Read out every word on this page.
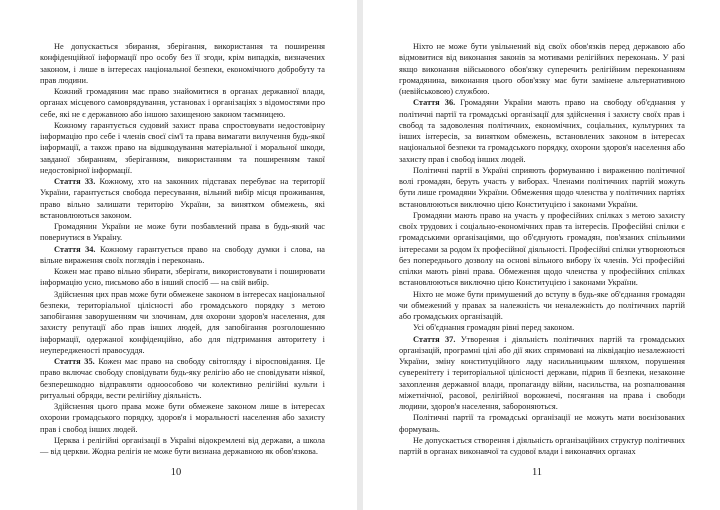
Не допускається збирання, зберігання, використання та поширення конфіденційної інформації про особу без її згоди, крім випадків, визначених законом, і лише в інтересах національної безпеки, економічного добробуту та прав людини.

Кожний громадянин має право знайомитися в органах державної влади, органах місцевого самоврядування, установах і організаціях з відомостями про себе, які не є державною або іншою захищеною законом таємницею.

Кожному гарантується судовий захист права спростовувати недостовірну інформацію про себе і членів своєї сім'ї та права вимагати вилучення будь-якої інформації, а також право на відшкодування матеріальної і моральної шкоди, завданої збиранням, зберіганням, використанням та поширенням такої недостовірної інформації.

Стаття 33. Кожному, хто на законних підставах перебуває на території України, гарантується свобода пересування, вільний вибір місця проживання, право вільно залишати територію України, за винятком обмежень, які встановлюються законом.

Громадянин України не може бути позбавлений права в будь-який час повернутися в Україну.

Стаття 34. Кожному гарантується право на свободу думки і слова, на вільне вираження своїх поглядів і переконань.

Кожен має право вільно збирати, зберігати, використовувати і поширювати інформацію усно, письмово або в інший спосіб — на свій вибір.

Здійснення цих прав може бути обмежене законом в інтересах національної безпеки, територіальної цілісності або громадського порядку з метою запобігання заворушенням чи злочинам, для охорони здоров'я населення, для захисту репутації або прав інших людей, для запобігання розголошенню інформації, одержаної конфіденційно, або для підтримання авторитету і неупередженості правосуддя.

Стаття 35. Кожен має право на свободу світогляду і віросповідання. Це право включає свободу сповідувати будь-яку релігію або не сповідувати ніякої, безперешкодно відправляти одноособово чи колективно релігійні культи і ритуальні обряди, вести релігійну діяльність.

Здійснення цього права може бути обмежене законом лише в інтересах охорони громадського порядку, здоров'я і моральності населення або захисту прав і свобод інших людей.

Церква і релігійні організації в Україні відокремлені від держави, а школа — від церкви. Жодна релігія не може бути визнана державною як обов'язкова.

10

Ніхто не може бути увільнений від своїх обов'язків перед державою або відмовитися від виконання законів за мотивами релігійних переконань. У разі якщо виконання військового обов'язку суперечить релігійним переконанням громадянина, виконання цього обов'язку має бути замінене альтернативною (невійськовою) службою.

Стаття 36. Громадяни України мають право на свободу об'єднання у політичні партії та громадські організації для здійснення і захисту своїх прав і свобод та задоволення політичних, економічних, соціальних, культурних та інших інтересів, за винятком обмежень, встановлених законом в інтересах національної безпеки та громадського порядку, охорони здоров'я населення або захисту прав і свобод інших людей.

Політичні партії в Україні сприяють формуванню і вираженню політичної волі громадян, беруть участь у виборах. Членами політичних партій можуть бути лише громадяни України. Обмеження щодо членства у політичних партіях встановлюються виключно цією Конституцією і законами України.

Громадяни мають право на участь у професійних спілках з метою захисту своїх трудових і соціально-економічних прав та інтересів. Професійні спілки є громадськими організаціями, що об'єднують громадян, пов'язаних спільними інтересами за родом їх професійної діяльності. Професійні спілки утворюються без попереднього дозволу на основі вільного вибору їх членів. Усі професійні спілки мають рівні права. Обмеження щодо членства у професійних спілках встановлюються виключно цією Конституцією і законами України.

Ніхто не може бути примушений до вступу в будь-яке об'єднання громадян чи обмежений у правах за належність чи неналежність до політичних партій або громадських організацій.

Усі об'єднання громадян рівні перед законом.

Стаття 37. Утворення і діяльність політичних партій та громадських організацій, програмні цілі або дії яких спрямовані на ліквідацію незалежності України, зміну конституційного ладу насильницьким шляхом, порушення суверенітету і територіальної цілісності держави, підрив її безпеки, незаконне захоплення державної влади, пропаганду війни, насильства, на розпалювання міжетнічної, расової, релігійної ворожнечі, посягання на права і свободи людини, здоров'я населення, забороняються.

Політичні партії та громадські організації не можуть мати воєнізованих формувань.

Не допускається створення і діяльність організаційних структур політичних партій в органах виконавчої та судової влади і виконавчих органах

11
